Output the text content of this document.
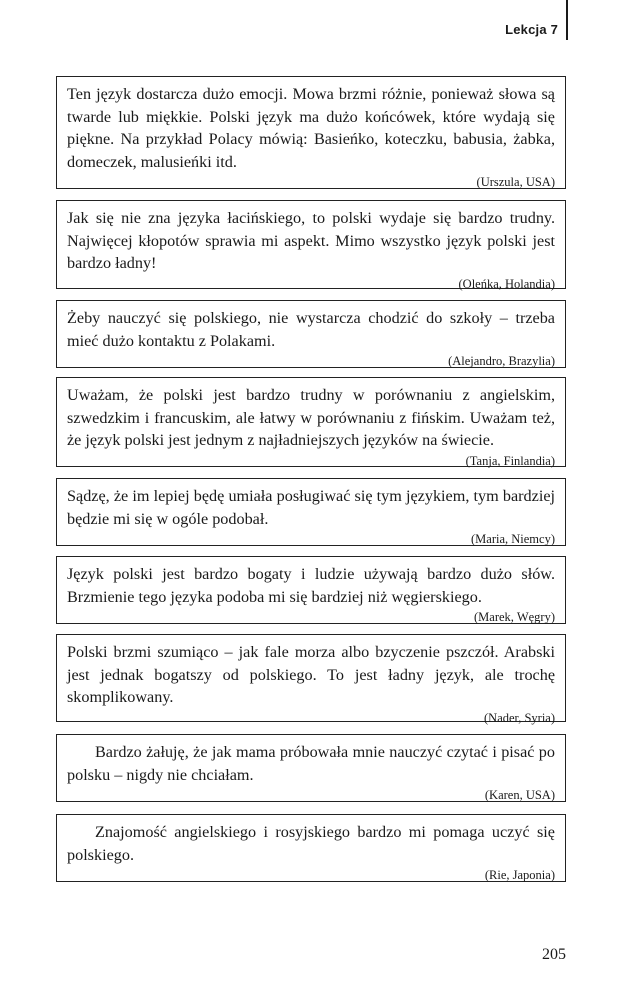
Lekcja 7

Ten język dostarcza dużo emocji. Mowa brzmi różnie, ponieważ słowa są twarde lub miękkie. Polski język ma dużo końcówek, które wydają się piękne. Na przykład Polacy mówią: Basieńko, koteczku, babusia, żabka, domeczek, malusieńki itd.

(Urszula, USA)

Jak się nie zna języka łacińskiego, to polski wydaje się bardzo trudny. Najwięcej kłopotów sprawia mi aspekt. Mimo wszystko język polski jest bardzo ładny!

(Oleńka, Holandia)

Żeby nauczyć się polskiego, nie wystarcza chodzić do szkoły – trzeba mieć dużo kontaktu z Polakami.

(Alejandro, Brazylia)

Uważam, że polski jest bardzo trudny w porównaniu z angielskim, szwedzkim i francuskim, ale łatwy w porównaniu z fińskim. Uważam też, że język polski jest jednym z najładniejszych języków na świecie.

(Tanja, Finlandia)

Sądzę, że im lepiej będę umiała posługiwać się tym językiem, tym bardziej będzie mi się w ogóle podobał.

(Maria, Niemcy)

Język polski jest bardzo bogaty i ludzie używają bardzo dużo słów. Brzmienie tego języka podoba mi się bardziej niż węgierskiego.

(Marek, Węgry)

Polski brzmi szumiąco – jak fale morza albo bzyczenie pszczół. Arabski jest jednak bogatszy od polskiego. To jest ładny język, ale trochę skomplikowany.

(Nader, Syria)

Bardzo żałuję, że jak mama próbowała mnie nauczyć czytać i pisać po polsku – nigdy nie chciałam.

(Karen, USA)

Znajomość angielskiego i rosyjskiego bardzo mi pomaga uczyć się polskiego.

(Rie, Japonia)

205
